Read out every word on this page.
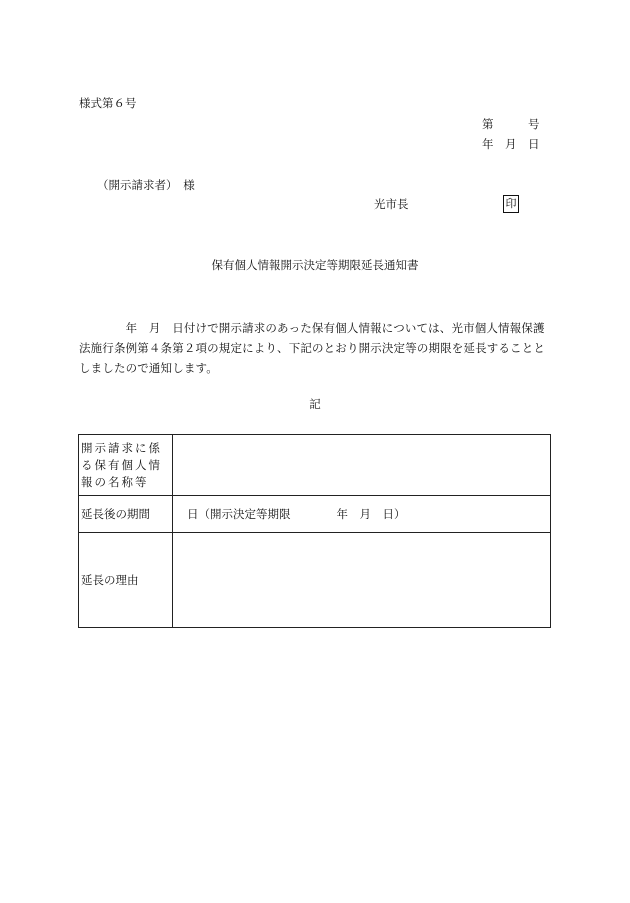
様式第６号
第　　　号
年　月　日
（開示請求者）　様
光市長	印
保有個人情報開示決定等期限延長通知書
　　　　年　月　日付けで開示請求のあった保有個人情報については、光市個人情報保護法施行条例第４条第２項の規定により、下記のとおり開示決定等の期限を延長することとしましたので通知します。
記
開示請求に係る保有個人情報の名称等	
延長後の期間	日（開示決定等期限　　　　年　月　日）
延長の理由	
